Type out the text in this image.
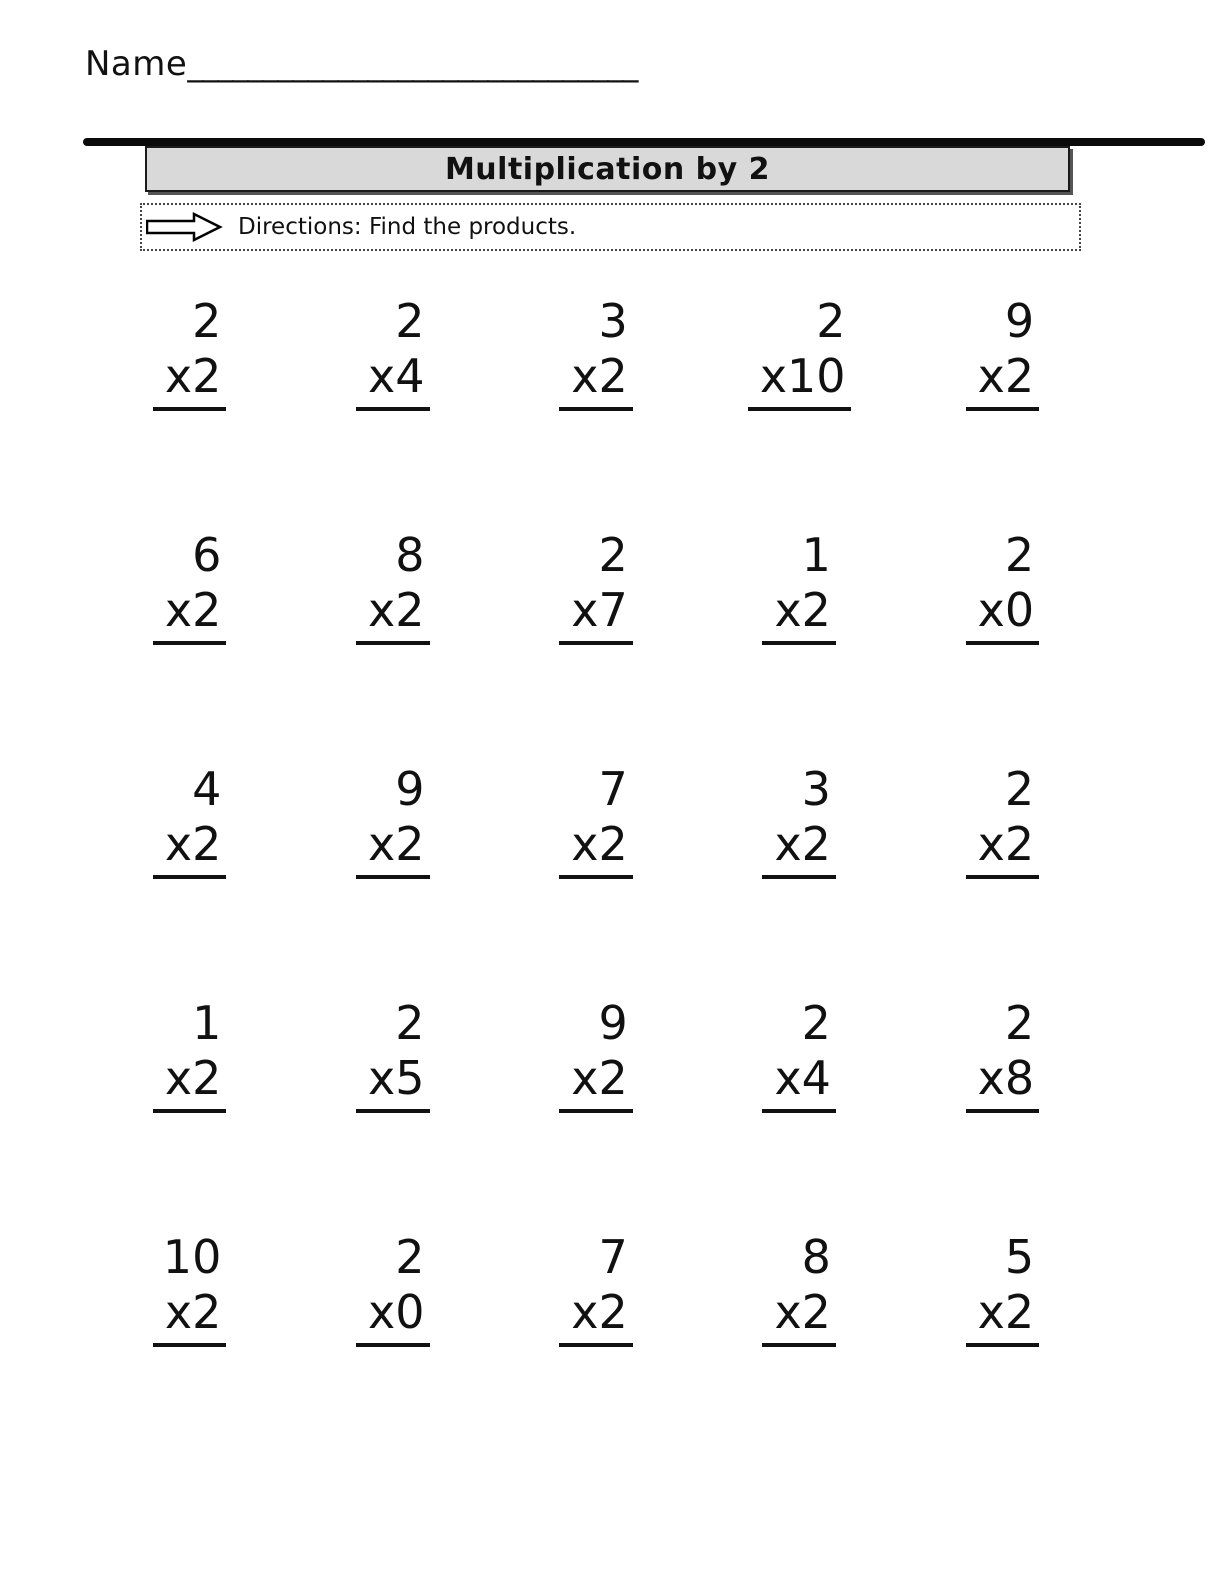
Name______________________________
Multiplication by 2
Directions: Find the products.
2
x2
2
x4
3
x2
2
x10
9
x2
6
x2
8
x2
2
x7
1
x2
2
x0
4
x2
9
x2
7
x2
3
x2
2
x2
1
x2
2
x5
9
x2
2
x4
2
x8
10
x2
2
x0
7
x2
8
x2
5
x2
